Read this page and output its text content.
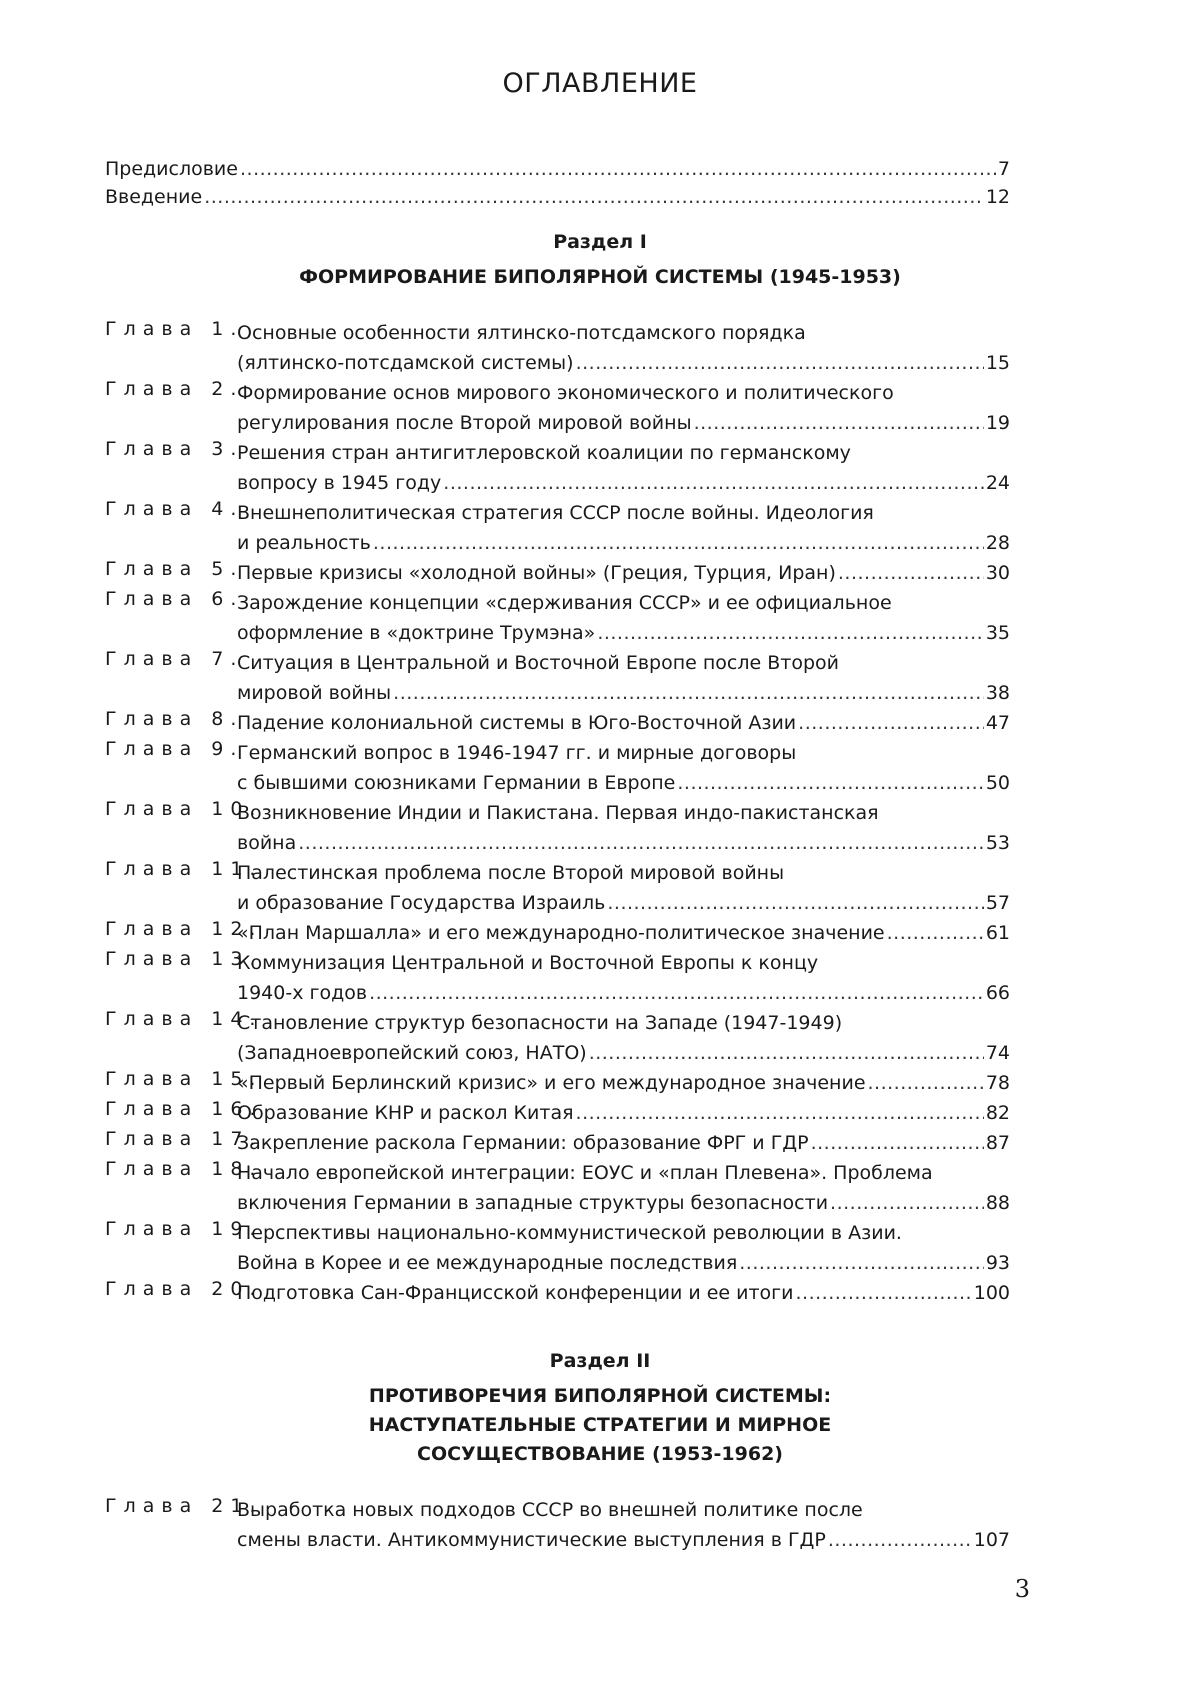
ОГЛАВЛЕНИЕ
Предисловие .....	7
Введение .....	12
Раздел I
ФОРМИРОВАНИЕ БИПОЛЯРНОЙ СИСТЕМЫ (1945-1953)
Глава 1.
Основные особенности ялтинско-потсдамского порядка
(ялтинско-потсдамской системы) .....	15
Глава 2.
Формирование основ мирового экономического и политического
регулирования после Второй мировой войны .....	19
Глава 3.
Решения стран антигитлеровской коалиции по германскому
вопросу в 1945 году .....	24
Глава 4.
Внешнеполитическая стратегия СССР после войны. Идеология
и реальность .....	28
Глава 5.
Первые кризисы «холодной войны» (Греция, Турция, Иран) .....	30
Глава 6.
Зарождение концепции «сдерживания СССР» и ее официальное
оформление в «доктрине Трумэна» .....	35
Глава 7.
Ситуация в Центральной и Восточной Европе после Второй
мировой войны .....	38
Глава 8.
Падение колониальной системы в Юго-Восточной Азии .....	47
Глава 9.
Германский вопрос в 1946-1947 гг. и мирные договоры
с бывшими союзниками Германии в Европе .....	50
Глава 10.
Возникновение Индии и Пакистана. Первая индо-пакистанская
война .....	53
Глава 11.
Палестинская проблема после Второй мировой войны
и образование Государства Израиль .....	57
Глава 12.
«План Маршалла» и его международно-политическое значение .....	61
Глава 13.
Коммунизация Центральной и Восточной Европы к концу
1940-х годов .....	66
Глава 14.
Становление структур безопасности на Западе (1947-1949)
(Западноевропейский союз, НАТО) .....	74
Глава 15.
«Первый Берлинский кризис» и его международное значение .....	78
Глава 16.
Образование КНР и раскол Китая .....	82
Глава 17.
Закрепление раскола Германии: образование ФРГ и ГДР .....	87
Глава 18.
Начало европейской интеграции: ЕОУС и «план Плевена». Проблема
включения Германии в западные структуры безопасности .....	88
Глава 19.
Перспективы национально-коммунистической революции в Азии.
Война в Корее и ее международные последствия .....	93
Глава 20.
Подготовка Сан-Францисской конференции и ее итоги .....	100
Раздел II
ПРОТИВОРЕЧИЯ БИПОЛЯРНОЙ СИСТЕМЫ:
НАСТУПАТЕЛЬНЫЕ СТРАТЕГИИ И МИРНОЕ
СОСУЩЕСТВОВАНИЕ (1953-1962)
Глава 21.
Выработка новых подходов СССР во внешней политике после
смены власти. Антикоммунистические выступления в ГДР .....	107
3
